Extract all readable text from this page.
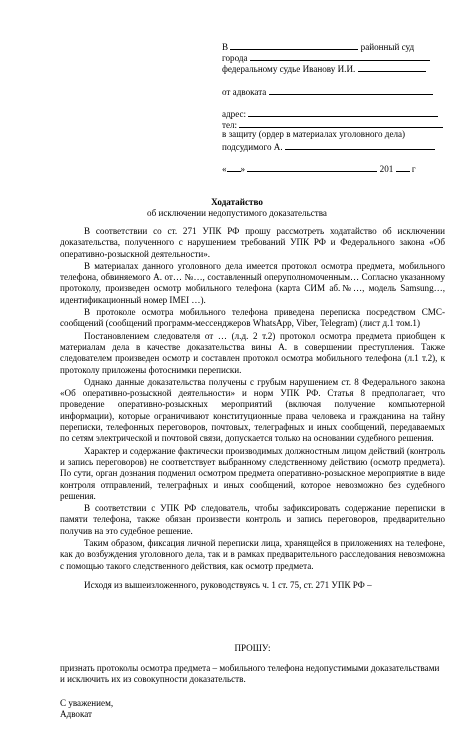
В	районный суд
города
федеральному судье Иванову И.И.
от адвоката
адрес:
тел:
в защиту (ордер в материалах уголовного дела)
подсудимого А.
« »	201 г
Ходатайство
об исключении недопустимого доказательства

В соответствии со ст. 271 УПК РФ прошу рассмотреть ходатайство об исключении доказательства, полученного с нарушением требований УПК РФ и Федерального закона «Об оперативно-розыскной деятельности».

В материалах данного уголовного дела имеется протокол осмотра предмета, мобильного телефона, обвиняемого А. от… №…, составленный оперуполномоченным… Согласно указанному протоколу, произведен осмотр мобильного телефона (карта СИМ аб.№…, модель Samsung…, идентификационный номер IMEI …).

В протоколе осмотра мобильного телефона приведена переписка посредством СМС-сообщений (сообщений программ-мессенджеров WhatsApp, Viber, Telegram) (лист д.1 том.1)

Постановлением следователя от … (л.д. 2 т.2) протокол осмотра предмета приобщен к материалам дела в качестве доказательства вины А. в совершении преступления. Также следователем произведен осмотр и составлен протокол осмотра мобильного телефона (л.1 т.2), к протоколу приложены фотоснимки переписки.

Однако данные доказательства получены с грубым нарушением ст. 8 Федерального закона «Об оперативно-розыскной деятельности» и норм УПК РФ. Статья 8 предполагает, что проведение оперативно-розыскных мероприятий (включая получение компьютерной информации), которые ограничивают конституционные права человека и гражданина на тайну переписки, телефонных переговоров, почтовых, телеграфных и иных сообщений, передаваемых по сетям электрической и почтовой связи, допускается только на основании судебного решения.

Характер и содержание фактически производимых должностным лицом действий (контроль и запись переговоров) не соответствует выбранному следственному действию (осмотр предмета). По сути, орган дознания подменил осмотром предмета оперативно-розыскное мероприятие в виде контроля отправлений, телеграфных и иных сообщений, которое невозможно без судебного решения.

В соответствии с УПК РФ следователь, чтобы зафиксировать содержание переписки в памяти телефона, также обязан произвести контроль и запись переговоров, предварительно получив на это судебное решение.

Таким образом, фиксация личной переписки лица, хранящейся в приложениях на телефоне, как до возбуждения уголовного дела, так и в рамках предварительного расследования невозможна с помощью такого следственного действия, как осмотр предмета.

Исходя из вышеизложенного, руководствуясь ч. 1 ст. 75, ст. 271 УПК РФ –

ПРОШУ:

признать протоколы осмотра предмета – мобильного телефона недопустимыми доказательствами и исключить их из совокупности доказательств.

С уважением,

Адвокат
